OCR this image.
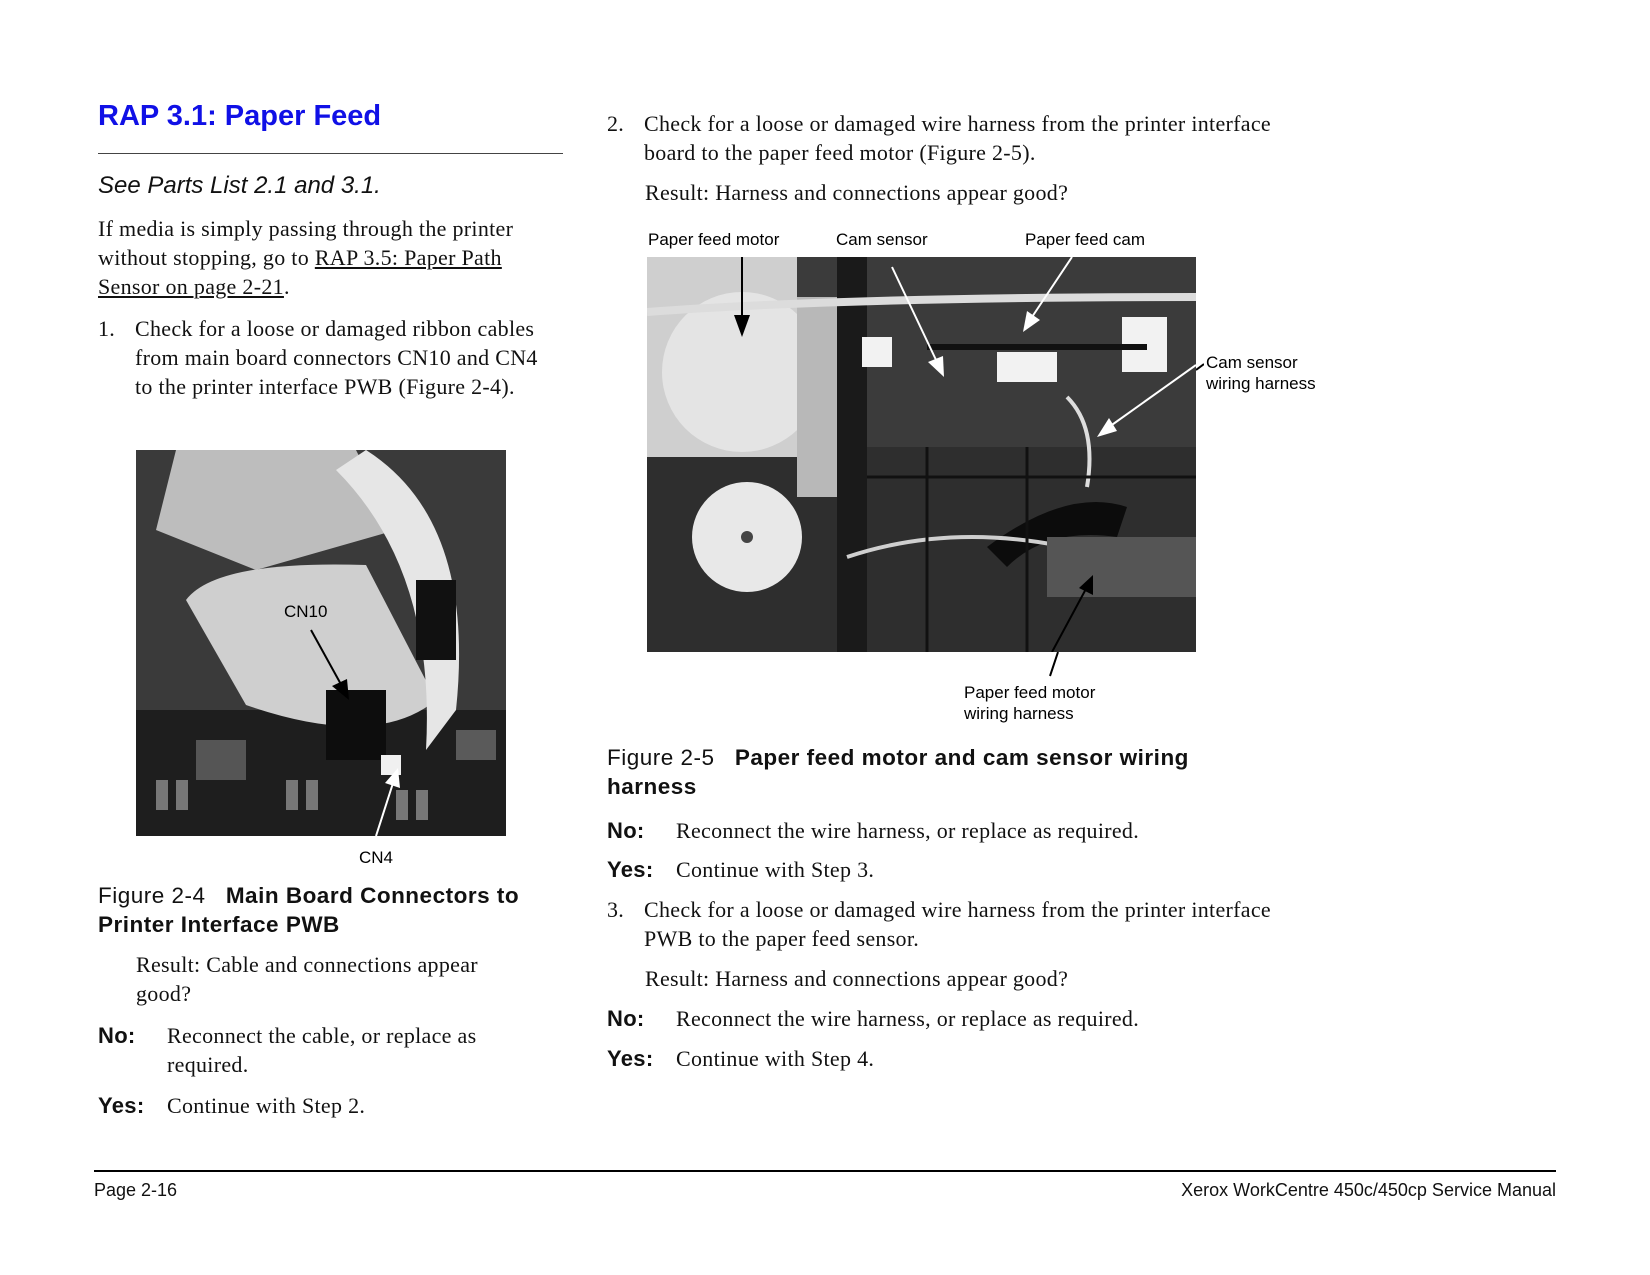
RAP 3.1: Paper Feed
See Parts List 2.1 and 3.1.
If media is simply passing through the printer without stopping, go to RAP 3.5: Paper Path Sensor on page 2-21.
1. Check for a loose or damaged ribbon cables from main board connectors CN10 and CN4 to the printer interface PWB (Figure 2-4).
CN10
CN4
Figure 2-4 Main Board Connectors to Printer Interface PWB
Result: Cable and connections appear good?
No:	Reconnect the cable, or replace as required.
Yes:	Continue with Step 2.
2. Check for a loose or damaged wire harness from the printer interface board to the paper feed motor (Figure 2-5).
Result: Harness and connections appear good?
Paper feed motor	Cam sensor	Paper feed cam
Cam sensor
wiring harness
Paper feed motor
wiring harness
Figure 2-5 Paper feed motor and cam sensor wiring harness
No:	Reconnect the wire harness, or replace as required.
Yes:	Continue with Step 3.
3. Check for a loose or damaged wire harness from the printer interface PWB to the paper feed sensor.
Result: Harness and connections appear good?
No:	Reconnect the wire harness, or replace as required.
Yes:	Continue with Step 4.
Page 2-16	Xerox WorkCentre 450c/450cp Service Manual
